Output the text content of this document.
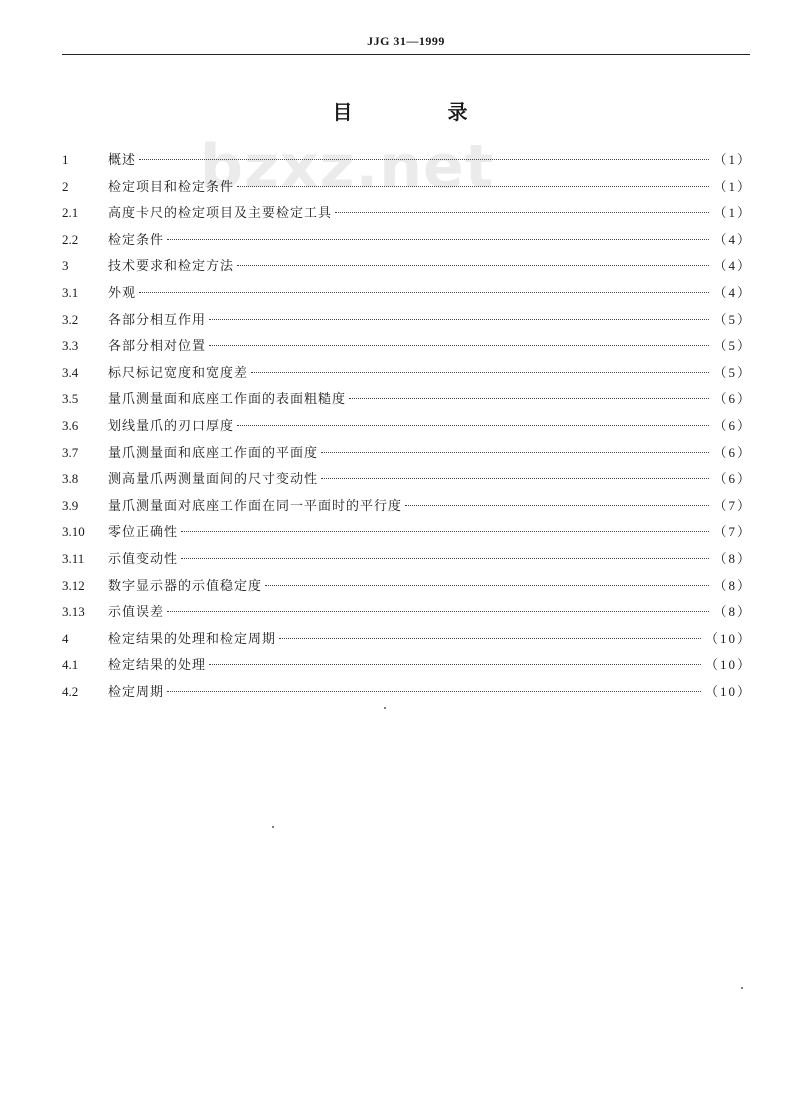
JJG 31—1999
bzxz.net
目 录
1	概述	（1）
2	检定项目和检定条件	（1）
2.1	高度卡尺的检定项目及主要检定工具	（1）
2.2	检定条件	（4）
3	技术要求和检定方法	（4）
3.1	外观	（4）
3.2	各部分相互作用	（5）
3.3	各部分相对位置	（5）
3.4	标尺标记宽度和宽度差	（5）
3.5	量爪测量面和底座工作面的表面粗糙度	（6）
3.6	划线量爪的刃口厚度	（6）
3.7	量爪测量面和底座工作面的平面度	（6）
3.8	测高量爪两测量面间的尺寸变动性	（6）
3.9	量爪测量面对底座工作面在同一平面时的平行度	（7）
3.10	零位正确性	（7）
3.11	示值变动性	（8）
3.12	数字显示器的示值稳定度	（8）
3.13	示值误差	（8）
4	检定结果的处理和检定周期	（10）
4.1	检定结果的处理	（10）
4.2	检定周期	（10）
